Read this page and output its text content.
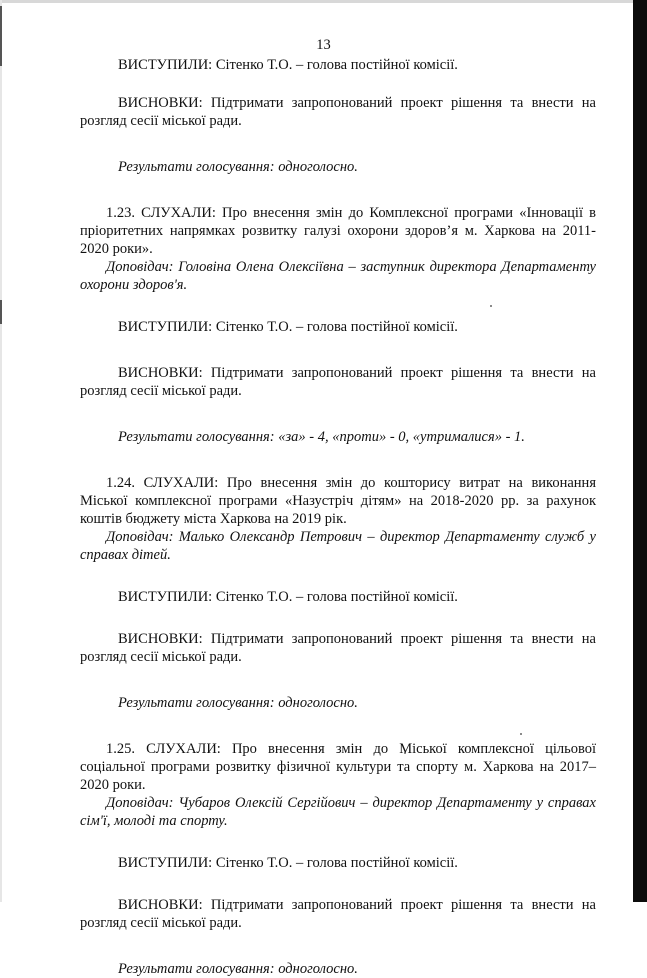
13

ВИСТУПИЛИ: Сітенко Т.О. – голова постійної комісії.

ВИСНОВКИ: Підтримати запропонований проект рішення та внести на розгляд сесії міської ради.

Результати голосування: одноголосно.

1.23. СЛУХАЛИ: Про внесення змін до Комплексної програми «Інновації в пріоритетних напрямках розвитку галузі охорони здоров’я м. Харкова на 2011-2020 роки».

Доповідач: Головіна Олена Олексіївна – заступник директора Департаменту охорони здоров'я.

ВИСТУПИЛИ: Сітенко Т.О. – голова постійної комісії.

ВИСНОВКИ: Підтримати запропонований проект рішення та внести на розгляд сесії міської ради.

Результати голосування: «за» - 4, «проти» - 0, «утрималися» - 1.

1.24. СЛУХАЛИ: Про внесення змін до кошторису витрат на виконання Міської комплексної програми «Назустріч дітям» на 2018-2020 рр. за рахунок коштів бюджету міста Харкова на 2019 рік.

Доповідач: Малько Олександр Петрович – директор Департаменту служб у справах дітей.

ВИСТУПИЛИ: Сітенко Т.О. – голова постійної комісії.

ВИСНОВКИ: Підтримати запропонований проект рішення та внести на розгляд сесії міської ради.

Результати голосування: одноголосно.

1.25. СЛУХАЛИ: Про внесення змін до Міської комплексної цільової соціальної програми розвитку фізичної культури та спорту м. Харкова на 2017–2020 роки.

Доповідач: Чубаров Олексій Сергійович – директор Департаменту у справах сім'ї, молоді та спорту.

ВИСТУПИЛИ: Сітенко Т.О. – голова постійної комісії.

ВИСНОВКИ: Підтримати запропонований проект рішення та внести на розгляд сесії міської ради.

Результати голосування: одноголосно.
